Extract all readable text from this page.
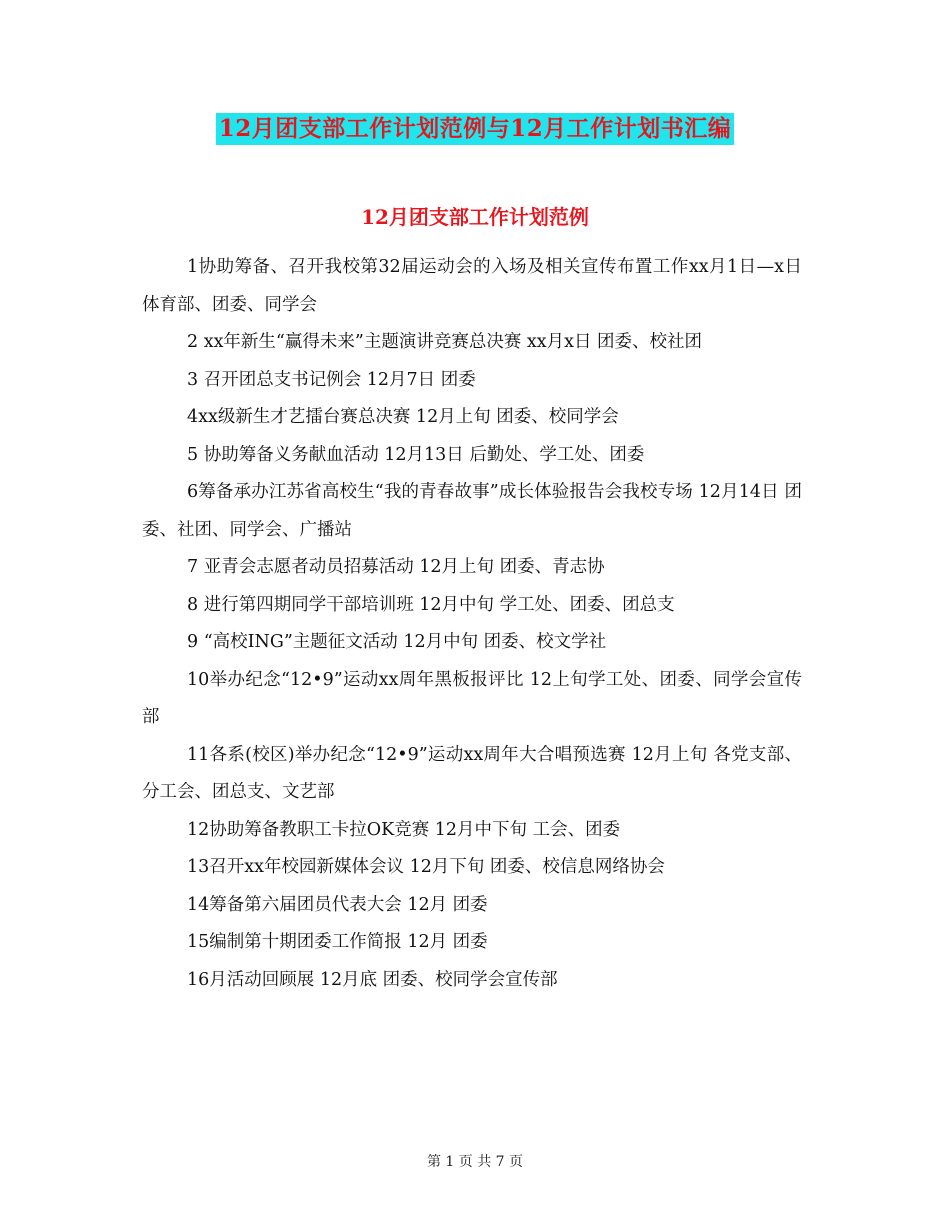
12月团支部工作计划范例与12月工作计划书汇编
12月团支部工作计划范例
1协助筹备、召开我校第32届运动会的入场及相关宣传布置工作xx月1日—x日 体育部、团委、同学会
2 xx年新生“赢得未来”主题演讲竞赛总决赛 xx月x日 团委、校社团
3 召开团总支书记例会 12月7日 团委
4xx级新生才艺擂台赛总决赛 12月上旬 团委、校同学会
5 协助筹备义务献血活动 12月13日 后勤处、学工处、团委
6筹备承办江苏省高校生“我的青春故事”成长体验报告会我校专场 12月14日 团委、社团、同学会、广播站
7 亚青会志愿者动员招募活动 12月上旬 团委、青志协
8 进行第四期同学干部培训班 12月中旬 学工处、团委、团总支
9 “高校ING”主题征文活动 12月中旬 团委、校文学社
10举办纪念“12•9”运动xx周年黑板报评比 12上旬学工处、团委、同学会宣传部
11各系(校区)举办纪念“12•9”运动xx周年大合唱预选赛 12月上旬 各党支部、分工会、团总支、文艺部
12协助筹备教职工卡拉OK竞赛 12月中下旬 工会、团委
13召开xx年校园新媒体会议 12月下旬 团委、校信息网络协会
14筹备第六届团员代表大会 12月 团委
15编制第十期团委工作简报 12月 团委
16月活动回顾展 12月底 团委、校同学会宣传部
第 1 页 共 7 页
